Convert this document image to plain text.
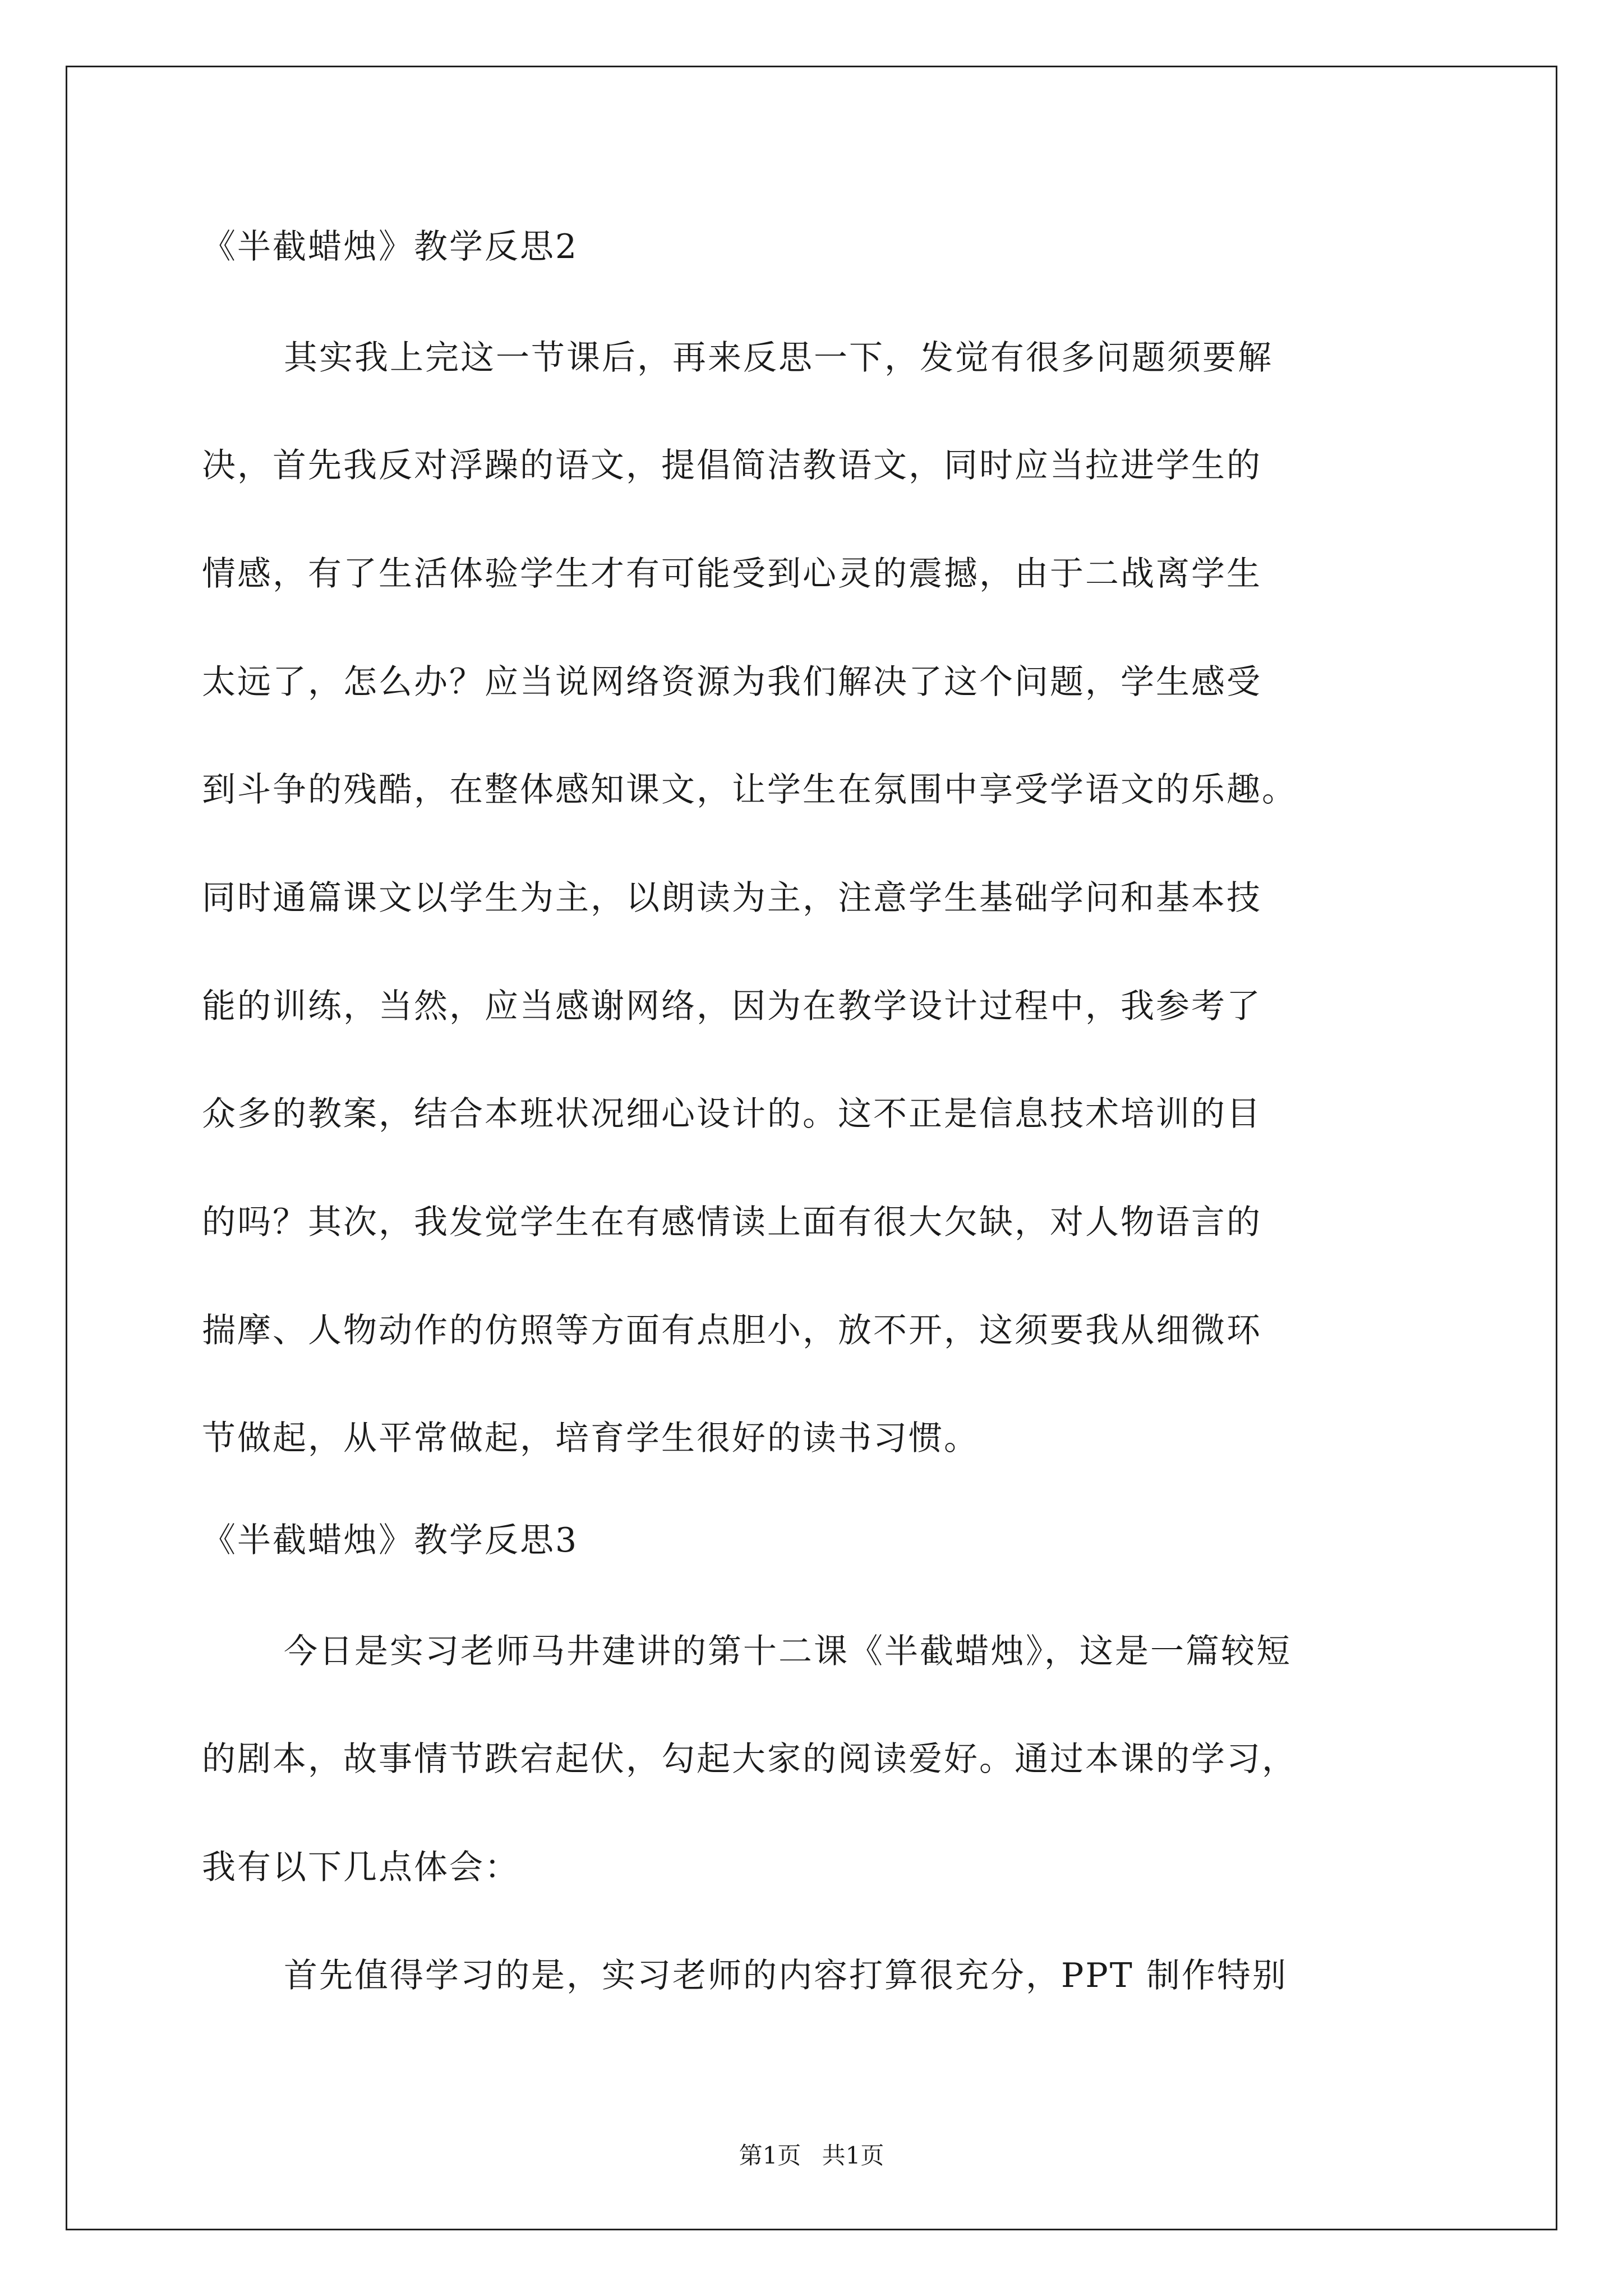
《半截蜡烛》教学反思2
其实我上完这一节课后，再来反思一下，发觉有很多问题须要解
决，首先我反对浮躁的语文，提倡简洁教语文，同时应当拉进学生的
情感，有了生活体验学生才有可能受到心灵的震撼，由于二战离学生
太远了，怎么办？应当说网络资源为我们解决了这个问题，学生感受
到斗争的残酷，在整体感知课文，让学生在氛围中享受学语文的乐趣。
同时通篇课文以学生为主，以朗读为主，注意学生基础学问和基本技
能的训练，当然，应当感谢网络，因为在教学设计过程中，我参考了
众多的教案，结合本班状况细心设计的。这不正是信息技术培训的目
的吗？其次，我发觉学生在有感情读上面有很大欠缺，对人物语言的
揣摩、人物动作的仿照等方面有点胆小，放不开，这须要我从细微环
节做起，从平常做起，培育学生很好的读书习惯。
《半截蜡烛》教学反思3
今日是实习老师马井建讲的第十二课《半截蜡烛》，这是一篇较短
的剧本，故事情节跌宕起伏，勾起大家的阅读爱好。通过本课的学习，
我有以下几点体会：
首先值得学习的是，实习老师的内容打算很充分，PPT 制作特别
第1页 共1页
